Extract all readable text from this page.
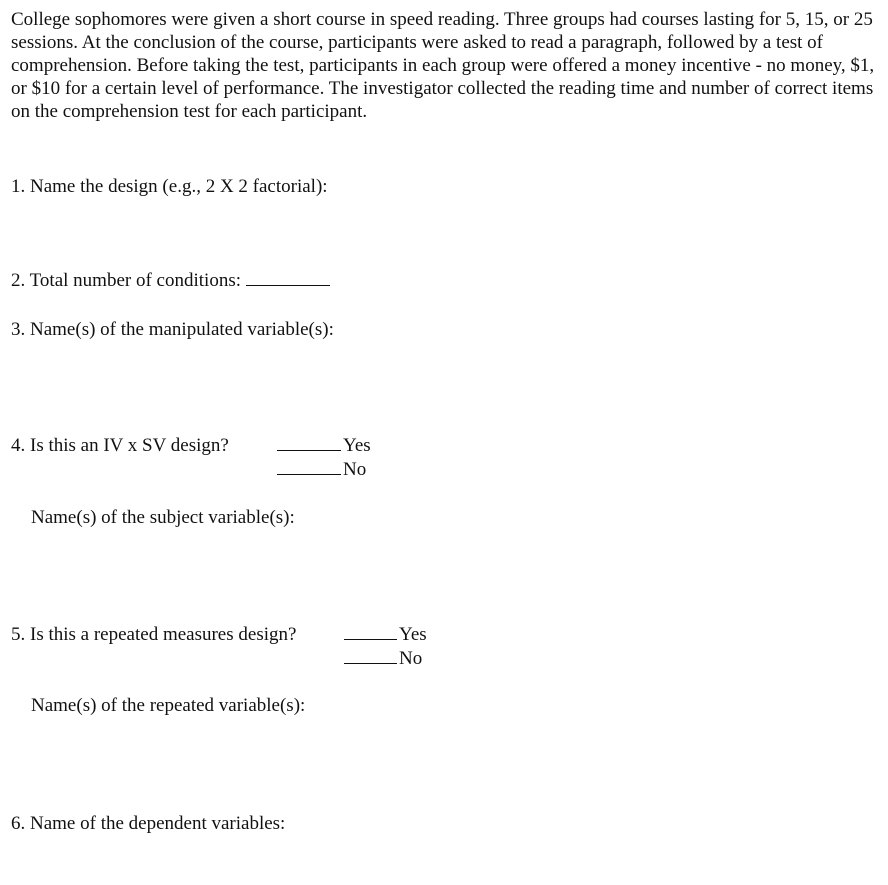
College sophomores were given a short course in speed reading. Three groups had courses lasting for 5, 15, or 25 sessions. At the conclusion of the course, participants were asked to read a paragraph, followed by a test of comprehension. Before taking the test, participants in each group were offered a money incentive - no money, $1, or $10 for a certain level of performance. The investigator collected the reading time and number of correct items on the comprehension test for each participant.

1. Name the design (e.g., 2 X 2 factorial):
2. Total number of conditions:
3. Name(s) of the manipulated variable(s):
4. Is this an IV x SV design?	Yes
No
Name(s) of the subject variable(s):
5. Is this a repeated measures design?	Yes
No
Name(s) of the repeated variable(s):
6. Name of the dependent variables:
